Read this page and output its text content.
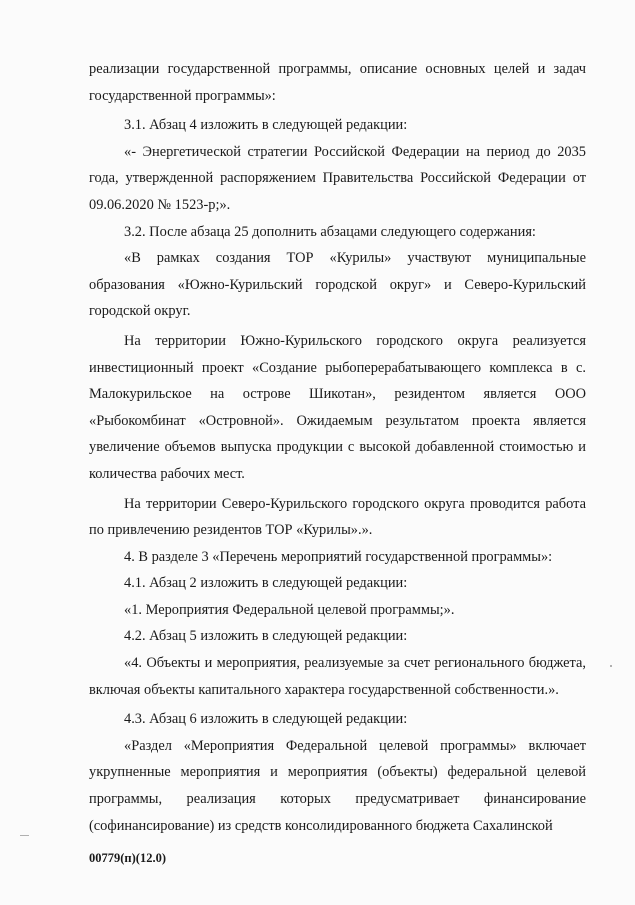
реализации государственной программы, описание основных целей и задач государственной программы»:

3.1. Абзац 4 изложить в следующей редакции:

«- Энергетической стратегии Российской Федерации на период до 2035 года, утвержденной распоряжением Правительства Российской Федерации от 09.06.2020 № 1523-р;».

3.2. После абзаца 25 дополнить абзацами следующего содержания:

«В рамках создания ТОР «Курилы» участвуют муниципальные образования «Южно-Курильский городской округ» и Северо-Курильский городской округ.

На территории Южно-Курильского городского округа реализуется инвестиционный проект «Создание рыбоперерабатывающего комплекса в с. Малокурильское на острове Шикотан», резидентом является ООО «Рыбокомбинат «Островной». Ожидаемым результатом проекта является увеличение объемов выпуска продукции с высокой добавленной стоимостью и количества рабочих мест.

На территории Северо-Курильского городского округа проводится работа по привлечению резидентов ТОР «Курилы».».

4. В разделе 3 «Перечень мероприятий государственной программы»:

4.1. Абзац 2 изложить в следующей редакции:

«1. Мероприятия Федеральной целевой программы;».

4.2. Абзац 5 изложить в следующей редакции:

«4. Объекты и мероприятия, реализуемые за счет регионального бюджета, включая объекты капитального характера государственной собственности.».

4.3. Абзац 6 изложить в следующей редакции:

«Раздел «Мероприятия Федеральной целевой программы» включает укрупненные мероприятия и мероприятия (объекты) федеральной целевой программы, реализация которых предусматривает финансирование (софинансирование) из средств консолидированного бюджета Сахалинской

00779(п)(12.0)
